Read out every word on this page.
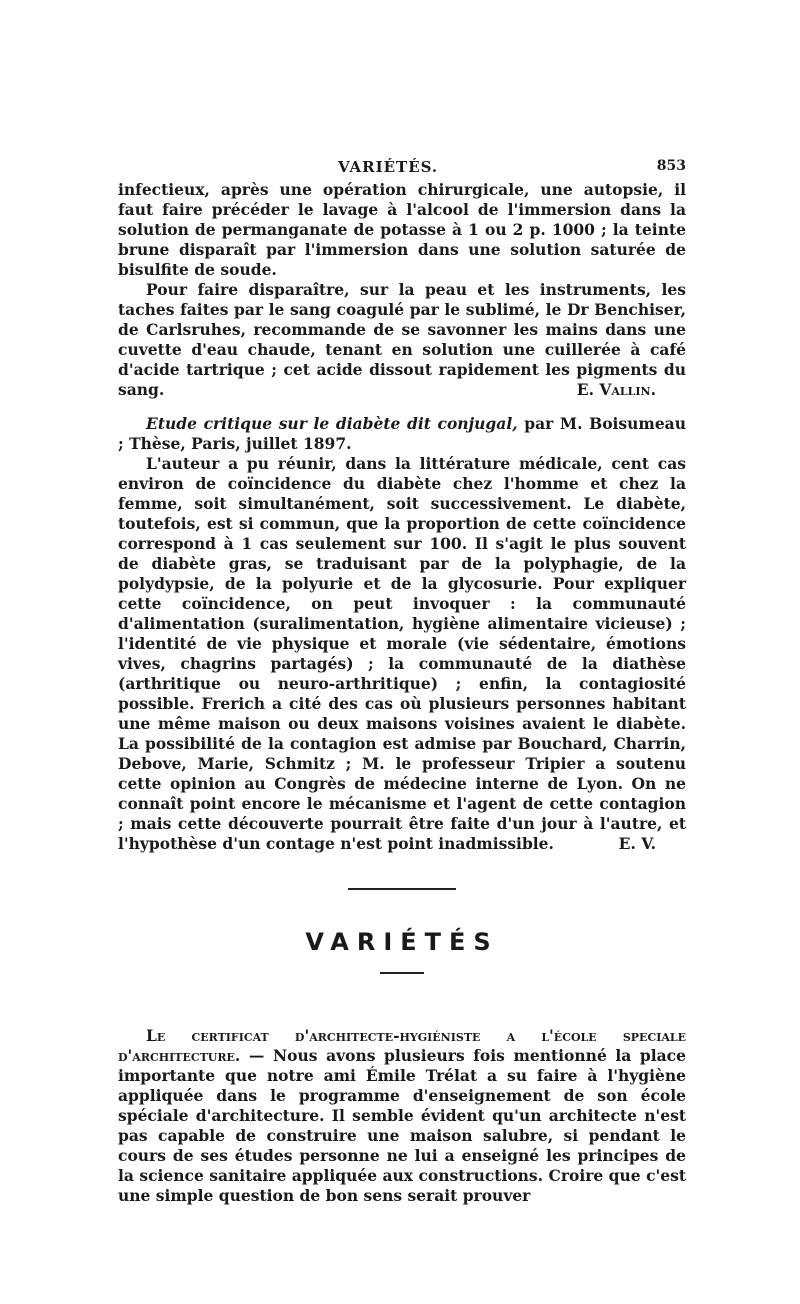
VARIÉTÉS.	853

infectieux, après une opération chirurgicale, une autopsie, il faut faire précéder le lavage à l'alcool de l'immersion dans la solution de permanganate de potasse à 1 ou 2 p. 1000 ; la teinte brune disparaît par l'immersion dans une solution saturée de bisulfite de soude.

Pour faire disparaître, sur la peau et les instruments, les taches faites par le sang coagulé par le sublimé, le Dr Benchiser, de Carlsruhes, recommande de se savonner les mains dans une cuvette d'eau chaude, tenant en solution une cuillerée à café d'acide tartrique ; cet acide dissout rapidement les pigments du sang.	E. Vallin.

Etude critique sur le diabète dit conjugal, par M. Boisumeau ; Thèse, Paris, juillet 1897.

L'auteur a pu réunir, dans la littérature médicale, cent cas environ de coïncidence du diabète chez l'homme et chez la femme, soit simultanément, soit successivement. Le diabète, toutefois, est si commun, que la proportion de cette coïncidence correspond à 1 cas seulement sur 100. Il s'agit le plus souvent de diabète gras, se traduisant par de la polyphagie, de la polydypsie, de la polyurie et de la glycosurie. Pour expliquer cette coïncidence, on peut invoquer : la communauté d'alimentation (suralimentation, hygiène alimentaire vicieuse) ; l'identité de vie physique et morale (vie sédentaire, émotions vives, chagrins partagés) ; la communauté de la diathèse (arthritique ou neuro-arthritique) ; enfin, la contagiosité possible. Frerich a cité des cas où plusieurs personnes habitant une même maison ou deux maisons voisines avaient le diabète. La possibilité de la contagion est admise par Bouchard, Charrin, Debove, Marie, Schmitz ; M. le professeur Tripier a soutenu cette opinion au Congrès de médecine interne de Lyon. On ne connaît point encore le mécanisme et l'agent de cette contagion ; mais cette découverte pourrait être faite d'un jour à l'autre, et l'hypothèse d'un contage n'est point inadmissible.	E. V.

VARIÉTÉS

Le certificat d'architecte-hygiéniste a l'école speciale d'architecture. — Nous avons plusieurs fois mentionné la place importante que notre ami Émile Trélat a su faire à l'hygiène appliquée dans le programme d'enseignement de son école spéciale d'architecture. Il semble évident qu'un architecte n'est pas capable de construire une maison salubre, si pendant le cours de ses études personne ne lui a enseigné les principes de la science sanitaire appliquée aux constructions. Croire que c'est une simple question de bon sens serait prouver
